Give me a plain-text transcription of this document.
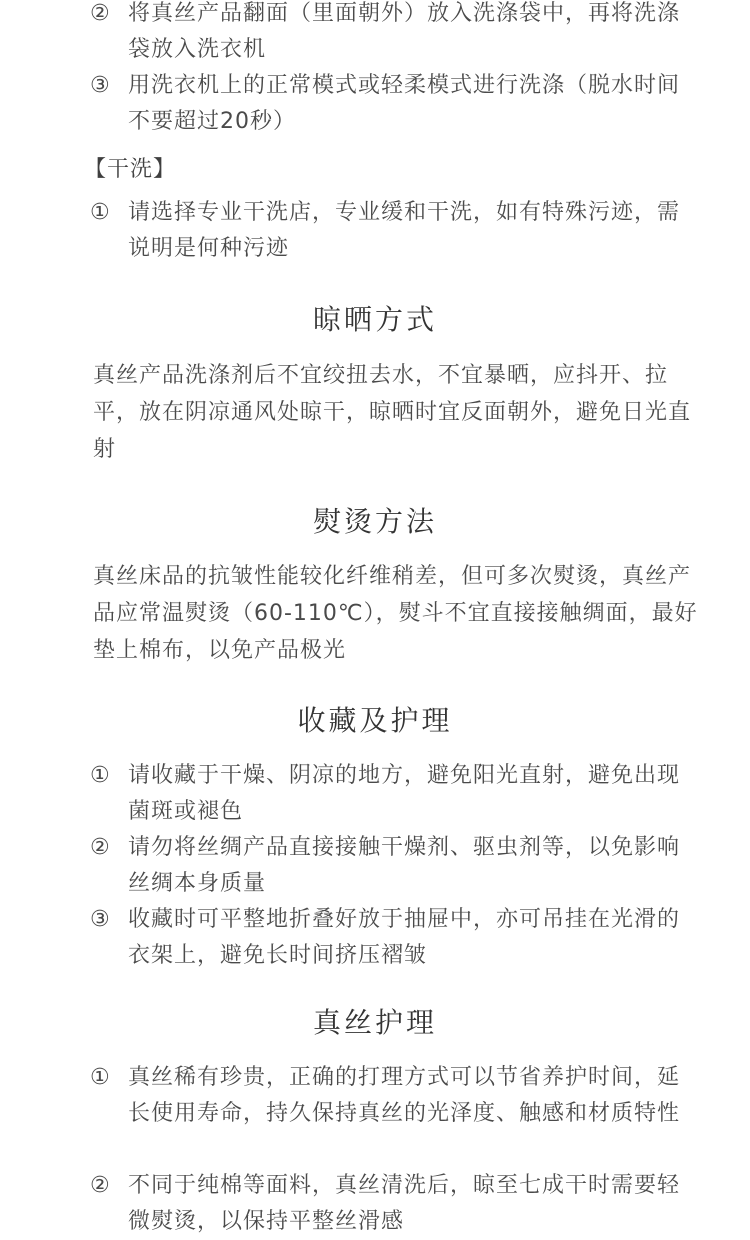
② 将真丝产品翻面（里面朝外）放入洗涤袋中，再将洗涤袋放入洗衣机
③ 用洗衣机上的正常模式或轻柔模式进行洗涤（脱水时间不要超过20秒）
【干洗】
① 请选择专业干洗店，专业缓和干洗，如有特殊污迹，需说明是何种污迹
晾晒方式
真丝产品洗涤剂后不宜绞扭去水，不宜暴晒，应抖开、拉平，放在阴凉通风处晾干，晾晒时宜反面朝外，避免日光直射
熨烫方法
真丝床品的抗皱性能较化纤维稍差，但可多次熨烫，真丝产品应常温熨烫（60-110℃），熨斗不宜直接接触绸面，最好垫上棉布，以免产品极光
收藏及护理
① 请收藏于干燥、阴凉的地方，避免阳光直射，避免出现菌斑或褪色
② 请勿将丝绸产品直接接触干燥剂、驱虫剂等，以免影响丝绸本身质量
③ 收藏时可平整地折叠好放于抽屉中，亦可吊挂在光滑的衣架上，避免长时间挤压褶皱
真丝护理
① 真丝稀有珍贵，正确的打理方式可以节省养护时间，延长使用寿命，持久保持真丝的光泽度、触感和材质特性
② 不同于纯棉等面料，真丝清洗后，晾至七成干时需要轻微熨烫，以保持平整丝滑感
